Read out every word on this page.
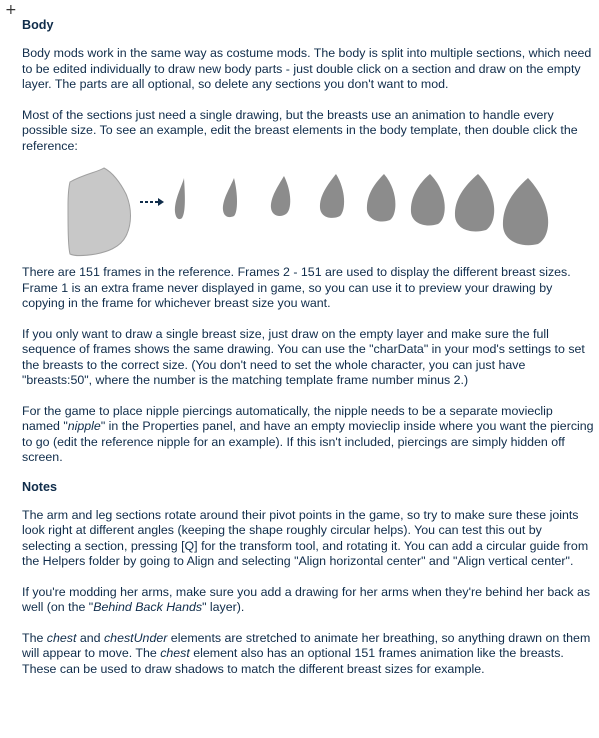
+
Body

Body mods work in the same way as costume mods. The body is split into multiple sections, which need to be edited individually to draw new body parts - just double click on a section and draw on the empty layer. The parts are all optional, so delete any sections you don't want to mod.

Most of the sections just need a single drawing, but the breasts use an animation to handle every possible size. To see an example, edit the breast elements in the body template, then double click the reference:

There are 151 frames in the reference. Frames 2 - 151 are used to display the different breast sizes. Frame 1 is an extra frame never displayed in game, so you can use it to preview your drawing by copying in the frame for whichever breast size you want.

If you only want to draw a single breast size, just draw on the empty layer and make sure the full sequence of frames shows the same drawing. You can use the "charData" in your mod's settings to set the breasts to the correct size. (You don't need to set the whole character, you can just have "breasts:50", where the number is the matching template frame number minus 2.)

For the game to place nipple piercings automatically, the nipple needs to be a separate movieclip named "nipple" in the Properties panel, and have an empty movieclip inside where you want the piercing to go (edit the reference nipple for an example). If this isn't included, piercings are simply hidden off screen.

Notes

The arm and leg sections rotate around their pivot points in the game, so try to make sure these joints look right at different angles (keeping the shape roughly circular helps). You can test this out by selecting a section, pressing [Q] for the transform tool, and rotating it. You can add a circular guide from the Helpers folder by going to Align and selecting "Align horizontal center" and "Align vertical center".

If you're modding her arms, make sure you add a drawing for her arms when they're behind her back as well (on the "Behind Back Hands" layer).

The chest and chestUnder elements are stretched to animate her breathing, so anything drawn on them will appear to move. The chest element also has an optional 151 frames animation like the breasts. These can be used to draw shadows to match the different breast sizes for example.
